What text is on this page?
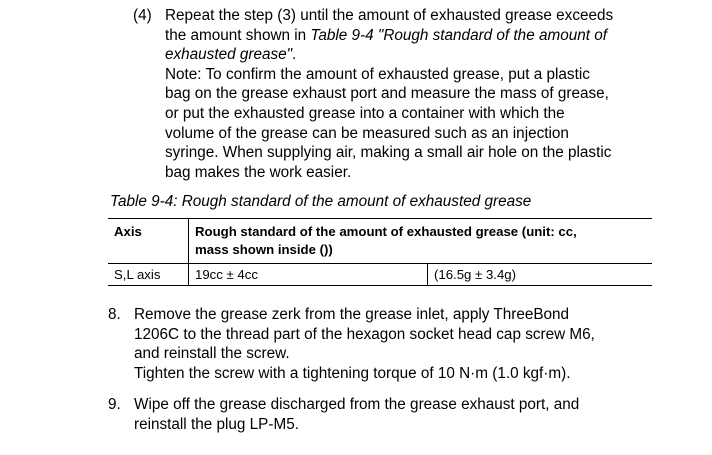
(4) Repeat the step (3) until the amount of exhausted grease exceeds

the amount shown in Table 9-4 "Rough standard of the amount of

exhausted grease".

Note: To confirm the amount of exhausted grease, put a plastic

bag on the grease exhaust port and measure the mass of grease,

or put the exhausted grease into a container with which the

volume of the grease can be measured such as an injection

syringe. When supplying air, making a small air hole on the plastic

bag makes the work easier.

Table 9-4: Rough standard of the amount of exhausted grease
Axis	Rough standard of the amount of exhausted grease (unit: cc,
mass shown inside ())	

S,L axis	19cc ± 4cc	(16.5g ± 3.4g)
8. Remove the grease zerk from the grease inlet, apply ThreeBond

1206C to the thread part of the hexagon socket head cap screw M6,

and reinstall the screw.

Tighten the screw with a tightening torque of 10 N·m (1.0 kgf·m).

9. Wipe off the grease discharged from the grease exhaust port, and

reinstall the plug LP-M5.
